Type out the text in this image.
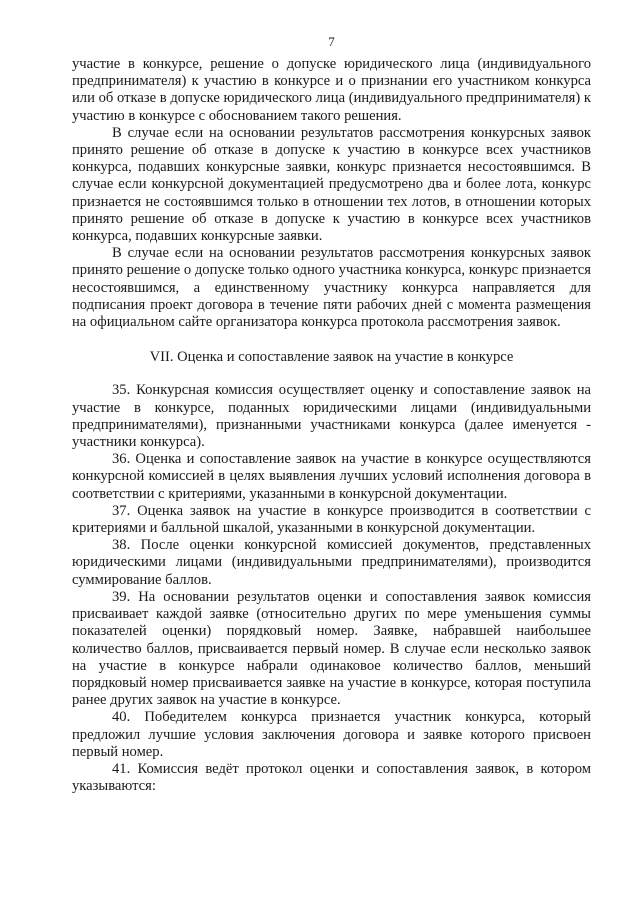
7

участие в конкурсе, решение о допуске юридического лица (индивидуального предпринимателя) к участию в конкурсе и о признании его участником конкурса или об отказе в допуске юридического лица (индивидуального предпринимателя) к участию в конкурсе с обоснованием такого решения.

В случае если на основании результатов рассмотрения конкурсных заявок принято решение об отказе в допуске к участию в конкурсе всех участников конкурса, подавших конкурсные заявки, конкурс признается несостоявшимся. В случае если конкурсной документацией предусмотрено два и более лота, конкурс признается не состоявшимся только в отношении тех лотов, в отношении которых принято решение об отказе в допуске к участию в конкурсе всех участников конкурса, подавших конкурсные заявки.

В случае если на основании результатов рассмотрения конкурсных заявок принято решение о допуске только одного участника конкурса, конкурс признается несостоявшимся, а единственному участнику конкурса направляется для подписания проект договора в течение пяти рабочих дней с момента размещения на официальном сайте организатора конкурса протокола рассмотрения заявок.

VII. Оценка и сопоставление заявок на участие в конкурсе

35. Конкурсная комиссия осуществляет оценку и сопоставление заявок на участие в конкурсе, поданных юридическими лицами (индивидуальными предпринимателями), признанными участниками конкурса (далее именуется - участники конкурса).

36. Оценка и сопоставление заявок на участие в конкурсе осуществляются конкурсной комиссией в целях выявления лучших условий исполнения договора в соответствии с критериями, указанными в конкурсной документации.

37. Оценка заявок на участие в конкурсе производится в соответствии с критериями и балльной шкалой, указанными в конкурсной документации.

38. После оценки конкурсной комиссией документов, представленных юридическими лицами (индивидуальными предпринимателями), производится суммирование баллов.

39. На основании результатов оценки и сопоставления заявок комиссия присваивает каждой заявке (относительно других по мере уменьшения суммы показателей оценки) порядковый номер. Заявке, набравшей наибольшее количество баллов, присваивается первый номер. В случае если несколько заявок на участие в конкурсе набрали одинаковое количество баллов, меньший порядковый номер присваивается заявке на участие в конкурсе, которая поступила ранее других заявок на участие в конкурсе.

40. Победителем конкурса признается участник конкурса, который предложил лучшие условия заключения договора и заявке которого присвоен первый номер.

41. Комиссия ведёт протокол оценки и сопоставления заявок, в котором указываются:
